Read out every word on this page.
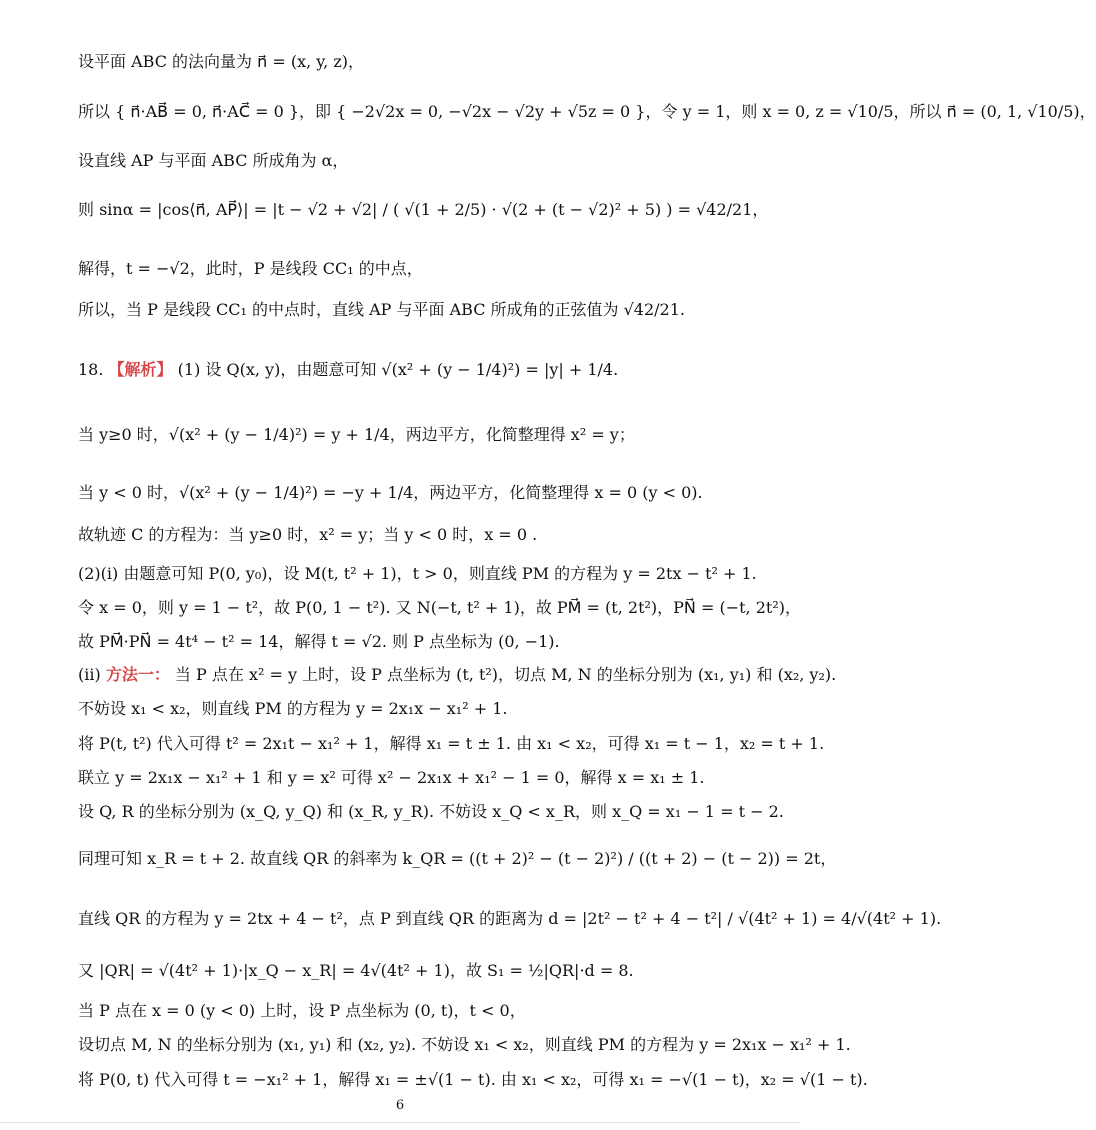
设平面 ABC 的法向量为 n⃗ = (x, y, z)，
所以 { n⃗·AB⃗ = 0, n⃗·AC⃗ = 0 }，即 { −2√2x = 0, −√2x − √2y + √5z = 0 }，令 y = 1，则 x = 0, z = √10/5，所以 n⃗ = (0, 1, √10/5)，
设直线 AP 与平面 ABC 所成角为 α，
则 sinα = |cos⟨n⃗, AP⃗⟩| = |t − √2 + √2| / ( √(1 + 2/5) · √(2 + (t − √2)² + 5) ) = √42/21，
解得，t = −√2，此时，P 是线段 CC₁ 的中点，
所以，当 P 是线段 CC₁ 的中点时，直线 AP 与平面 ABC 所成角的正弦值为 √42/21.
18. 【解析】 (1) 设 Q(x, y)，由题意可知 √(x² + (y − 1/4)²) = |y| + 1/4.
当 y≥0 时，√(x² + (y − 1/4)²) = y + 1/4，两边平方，化简整理得 x² = y；
当 y < 0 时，√(x² + (y − 1/4)²) = −y + 1/4，两边平方，化简整理得 x = 0 (y < 0).
故轨迹 C 的方程为：当 y≥0 时，x² = y；当 y < 0 时，x = 0 .
(2)(i) 由题意可知 P(0, y₀)，设 M(t, t² + 1)，t > 0，则直线 PM 的方程为 y = 2tx − t² + 1.
令 x = 0，则 y = 1 − t²，故 P(0, 1 − t²). 又 N(−t, t² + 1)，故 PM⃗ = (t, 2t²)，PN⃗ = (−t, 2t²)，
故 PM⃗·PN⃗ = 4t⁴ − t² = 14，解得 t = √2. 则 P 点坐标为 (0, −1).
(ii) 方法一： 当 P 点在 x² = y 上时，设 P 点坐标为 (t, t²)，切点 M, N 的坐标分别为 (x₁, y₁) 和 (x₂, y₂).
不妨设 x₁ < x₂，则直线 PM 的方程为 y = 2x₁x − x₁² + 1.
将 P(t, t²) 代入可得 t² = 2x₁t − x₁² + 1，解得 x₁ = t ± 1. 由 x₁ < x₂，可得 x₁ = t − 1，x₂ = t + 1.
联立 y = 2x₁x − x₁² + 1 和 y = x² 可得 x² − 2x₁x + x₁² − 1 = 0，解得 x = x₁ ± 1.
设 Q, R 的坐标分别为 (x_Q, y_Q) 和 (x_R, y_R). 不妨设 x_Q < x_R，则 x_Q = x₁ − 1 = t − 2.
同理可知 x_R = t + 2. 故直线 QR 的斜率为 k_QR = ((t + 2)² − (t − 2)²) / ((t + 2) − (t − 2)) = 2t，
直线 QR 的方程为 y = 2tx + 4 − t²，点 P 到直线 QR 的距离为 d = |2t² − t² + 4 − t²| / √(4t² + 1) = 4/√(4t² + 1).
又 |QR| = √(4t² + 1)·|x_Q − x_R| = 4√(4t² + 1)，故 S₁ = ½|QR|·d = 8.
当 P 点在 x = 0 (y < 0) 上时，设 P 点坐标为 (0, t)，t < 0，
设切点 M, N 的坐标分别为 (x₁, y₁) 和 (x₂, y₂). 不妨设 x₁ < x₂，则直线 PM 的方程为 y = 2x₁x − x₁² + 1.
将 P(0, t) 代入可得 t = −x₁² + 1，解得 x₁ = ±√(1 − t). 由 x₁ < x₂，可得 x₁ = −√(1 − t)，x₂ = √(1 − t).
6
